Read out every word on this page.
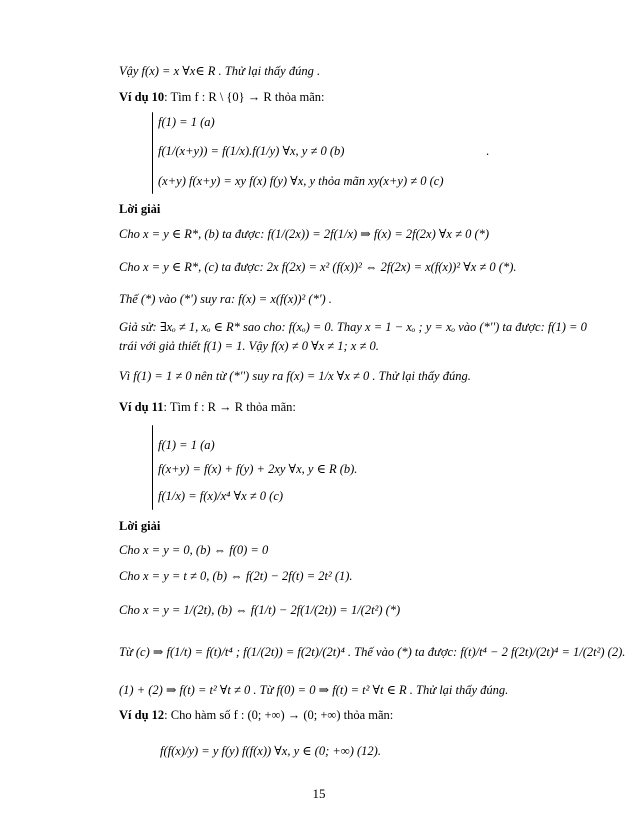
Vậy f(x) = x ∀x∈ R . Thử lại thấy đúng .
Ví dụ 10: Tìm f : R \ {0} → R thỏa mãn:
f(1) = 1 (a)
f(1/(x+y)) = f(1/x).f(1/y) ∀x, y ≠ 0 (b)
(x+y) f(x+y) = xy f(x) f(y) ∀x, y thỏa mãn xy(x+y) ≠ 0 (c)
.
Lời giải
Cho x = y ∈ R*, (b) ta được: f(1/(2x)) = 2f(1/x) ⇒ f(x) = 2f(2x) ∀x ≠ 0 (*)
Cho x = y ∈ R*, (c) ta được: 2x f(2x) = x² (f(x))² ⇔ 2f(2x) = x(f(x))² ∀x ≠ 0 (*).
Thế (*) vào (*') suy ra: f(x) = x(f(x))² (*') .
Giả sử: ∃xₒ ≠ 1, xₒ ∈ R* sao cho: f(xₒ) = 0. Thay x = 1 − xₒ ; y = xₒ vào (*'') ta được: f(1) = 0
trái với giả thiết f(1) = 1. Vậy f(x) ≠ 0 ∀x ≠ 1; x ≠ 0.
Vì f(1) = 1 ≠ 0 nên từ (*'') suy ra f(x) = 1/x ∀x ≠ 0 . Thử lại thấy đúng.
Ví dụ 11: Tìm f : R → R thỏa mãn:
f(1) = 1 (a)
f(x+y) = f(x) + f(y) + 2xy ∀x, y ∈ R (b).
f(1/x) = f(x)/x⁴ ∀x ≠ 0 (c)
Lời giải
Cho x = y = 0, (b) ⇔ f(0) = 0
Cho x = y = t ≠ 0, (b) ⇔ f(2t) − 2f(t) = 2t² (1).
Cho x = y = 1/(2t), (b) ⇔ f(1/t) − 2f(1/(2t)) = 1/(2t²) (*)
Từ (c) ⇒ f(1/t) = f(t)/t⁴ ; f(1/(2t)) = f(2t)/(2t)⁴ . Thế vào (*) ta được: f(t)/t⁴ − 2 f(2t)/(2t)⁴ = 1/(2t²) (2).
(1) + (2) ⇒ f(t) = t² ∀t ≠ 0 . Từ f(0) = 0 ⇒ f(t) = t² ∀t ∈ R . Thử lại thấy đúng.
Ví dụ 12: Cho hàm số f : (0; +∞) → (0; +∞) thỏa mãn:
f(f(x)/y) = y f(y) f(f(x)) ∀x, y ∈ (0; +∞) (12).
15
